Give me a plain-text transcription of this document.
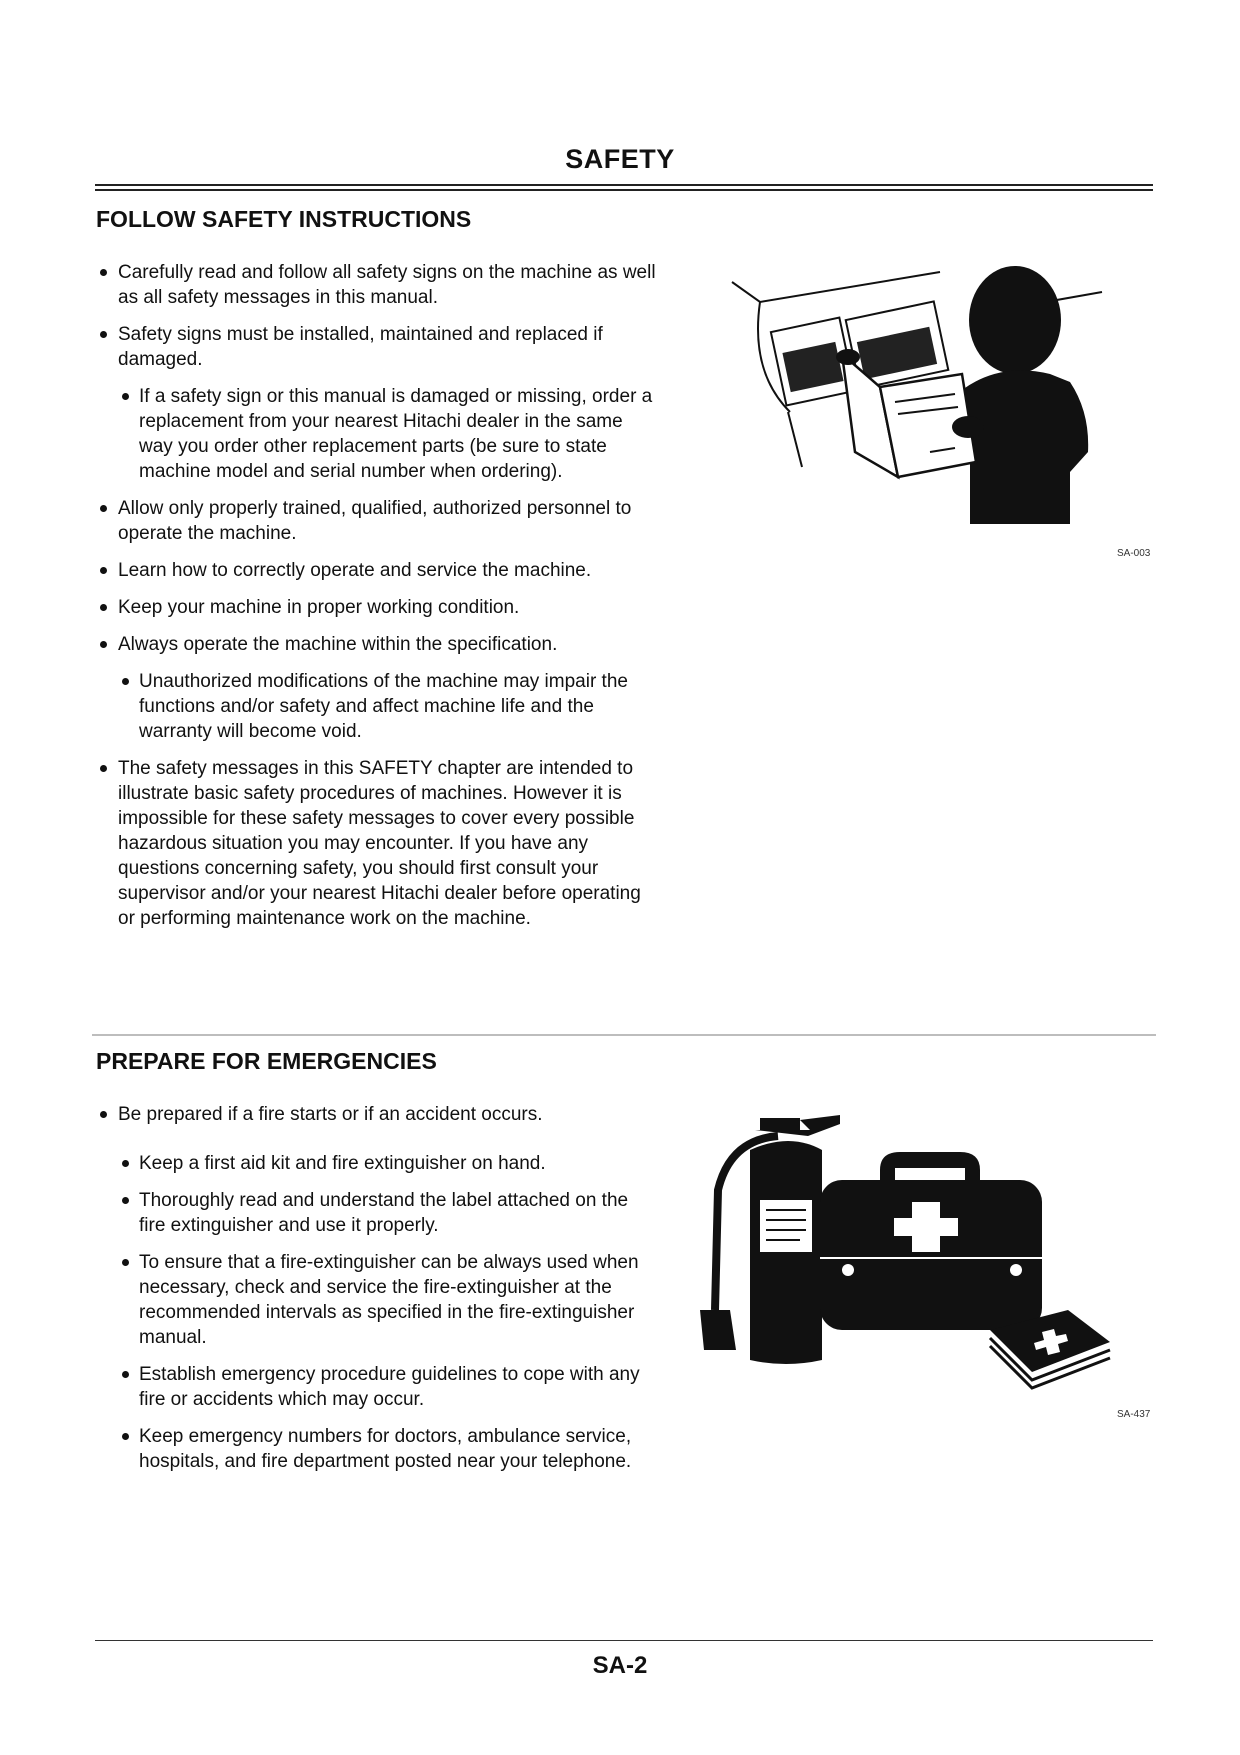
SAFETY
FOLLOW SAFETY INSTRUCTIONS
Carefully read and follow all safety signs on the machine as well as all safety messages in this manual.
Safety signs must be installed, maintained and replaced if damaged.
If a safety sign or this manual is damaged or missing, order a replacement from your nearest Hitachi dealer in the same way you order other replacement parts (be sure to state machine model and serial number when ordering).
Allow only properly trained, qualified, authorized personnel to operate the machine.
Learn how to correctly operate and service the machine.
Keep your machine in proper working condition.
Always operate the machine within the specification.
Unauthorized modifications of the machine may impair the functions and/or safety and affect machine life and the warranty will become void.
The safety messages in this SAFETY chapter are intended to illustrate basic safety procedures of machines. However it is impossible for these safety messages to cover every possible hazardous situation you may encounter. If you have any questions concerning safety, you should first consult your supervisor and/or your nearest Hitachi dealer before operating or performing maintenance work on the machine.
SA-003
PREPARE FOR EMERGENCIES
Be prepared if a fire starts or if an accident occurs.
Keep a first aid kit and fire extinguisher on hand.
Thoroughly read and understand the label attached on the fire extinguisher and use it properly.
To ensure that a fire-extinguisher can be always used when necessary, check and service the fire-extinguisher at the recommended intervals as specified in the fire-extinguisher manual.
Establish emergency procedure guidelines to cope with any fire or accidents which may occur.
Keep emergency numbers for doctors, ambulance service, hospitals, and fire department posted near your telephone.
SA-437
SA-2
